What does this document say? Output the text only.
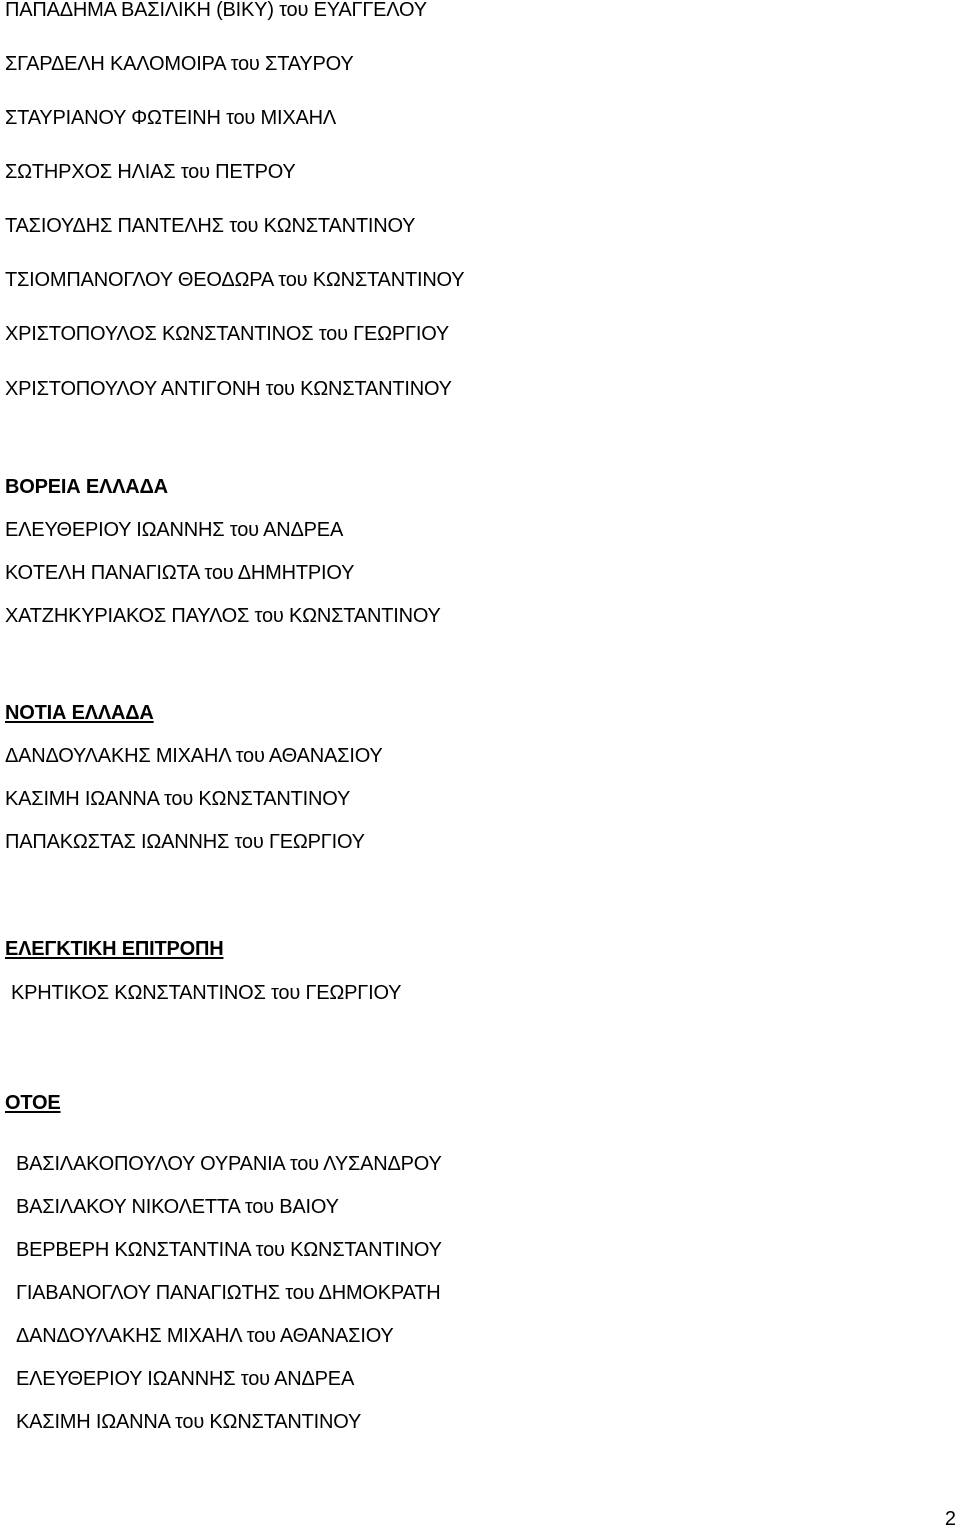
ΠΑΠΑΔΗΜΑ ΒΑΣΙΛΙΚΗ (ΒΙΚΥ) του ΕΥΑΓΓΕΛΟΥ
ΣΓΑΡΔΕΛΗ ΚΑΛΟΜΟΙΡΑ του ΣΤΑΥΡΟΥ
ΣΤΑΥΡΙΑΝΟΥ ΦΩΤΕΙΝΗ του ΜΙΧΑΗΛ
ΣΩΤΗΡΧΟΣ ΗΛΙΑΣ του ΠΕΤΡΟΥ
ΤΑΣΙΟΥΔΗΣ ΠΑΝΤΕΛΗΣ του ΚΩΝΣΤΑΝΤΙΝΟΥ
ΤΣΙΟΜΠΑΝΟΓΛΟΥ ΘΕΟΔΩΡΑ του ΚΩΝΣΤΑΝΤΙΝΟΥ
ΧΡΙΣΤΟΠΟΥΛΟΣ ΚΩΝΣΤΑΝΤΙΝΟΣ του ΓΕΩΡΓΙΟΥ
ΧΡΙΣΤΟΠΟΥΛΟΥ ΑΝΤΙΓΟΝΗ του ΚΩΝΣΤΑΝΤΙΝΟΥ
ΒΟΡΕΙΑ ΕΛΛΑΔΑ
ΕΛΕΥΘΕΡΙΟΥ ΙΩΑΝΝΗΣ του ΑΝΔΡΕΑ
ΚΟΤΕΛΗ ΠΑΝΑΓΙΩΤΑ του ΔΗΜΗΤΡΙΟΥ
ΧΑΤΖΗΚΥΡΙΑΚΟΣ ΠΑΥΛΟΣ του ΚΩΝΣΤΑΝΤΙΝΟΥ
ΝΟΤΙΑ ΕΛΛΑΔΑ
ΔΑΝΔΟΥΛΑΚΗΣ ΜΙΧΑΗΛ του ΑΘΑΝΑΣΙΟΥ
ΚΑΣΙΜΗ ΙΩΑΝΝΑ του ΚΩΝΣΤΑΝΤΙΝΟΥ
ΠΑΠΑΚΩΣΤΑΣ ΙΩΑΝΝΗΣ του ΓΕΩΡΓΙΟΥ
ΕΛΕΓΚΤΙΚΗ ΕΠΙΤΡΟΠΗ
ΚΡΗΤΙΚΟΣ ΚΩΝΣΤΑΝΤΙΝΟΣ του ΓΕΩΡΓΙΟΥ
ΟΤΟΕ
ΒΑΣΙΛΑΚΟΠΟΥΛΟΥ ΟΥΡΑΝΙΑ του ΛΥΣΑΝΔΡΟΥ
ΒΑΣΙΛΑΚΟΥ ΝΙΚΟΛΕΤΤΑ του ΒΑΙΟΥ
ΒΕΡΒΕΡΗ ΚΩΝΣΤΑΝΤΙΝΑ του ΚΩΝΣΤΑΝΤΙΝΟΥ
ΓΙΑΒΑΝΟΓΛΟΥ ΠΑΝΑΓΙΩΤΗΣ του ΔΗΜΟΚΡΑΤΗ
ΔΑΝΔΟΥΛΑΚΗΣ ΜΙΧΑΗΛ του ΑΘΑΝΑΣΙΟΥ
ΕΛΕΥΘΕΡΙΟΥ ΙΩΑΝΝΗΣ του ΑΝΔΡΕΑ
ΚΑΣΙΜΗ ΙΩΑΝΝΑ του ΚΩΝΣΤΑΝΤΙΝΟΥ
2
